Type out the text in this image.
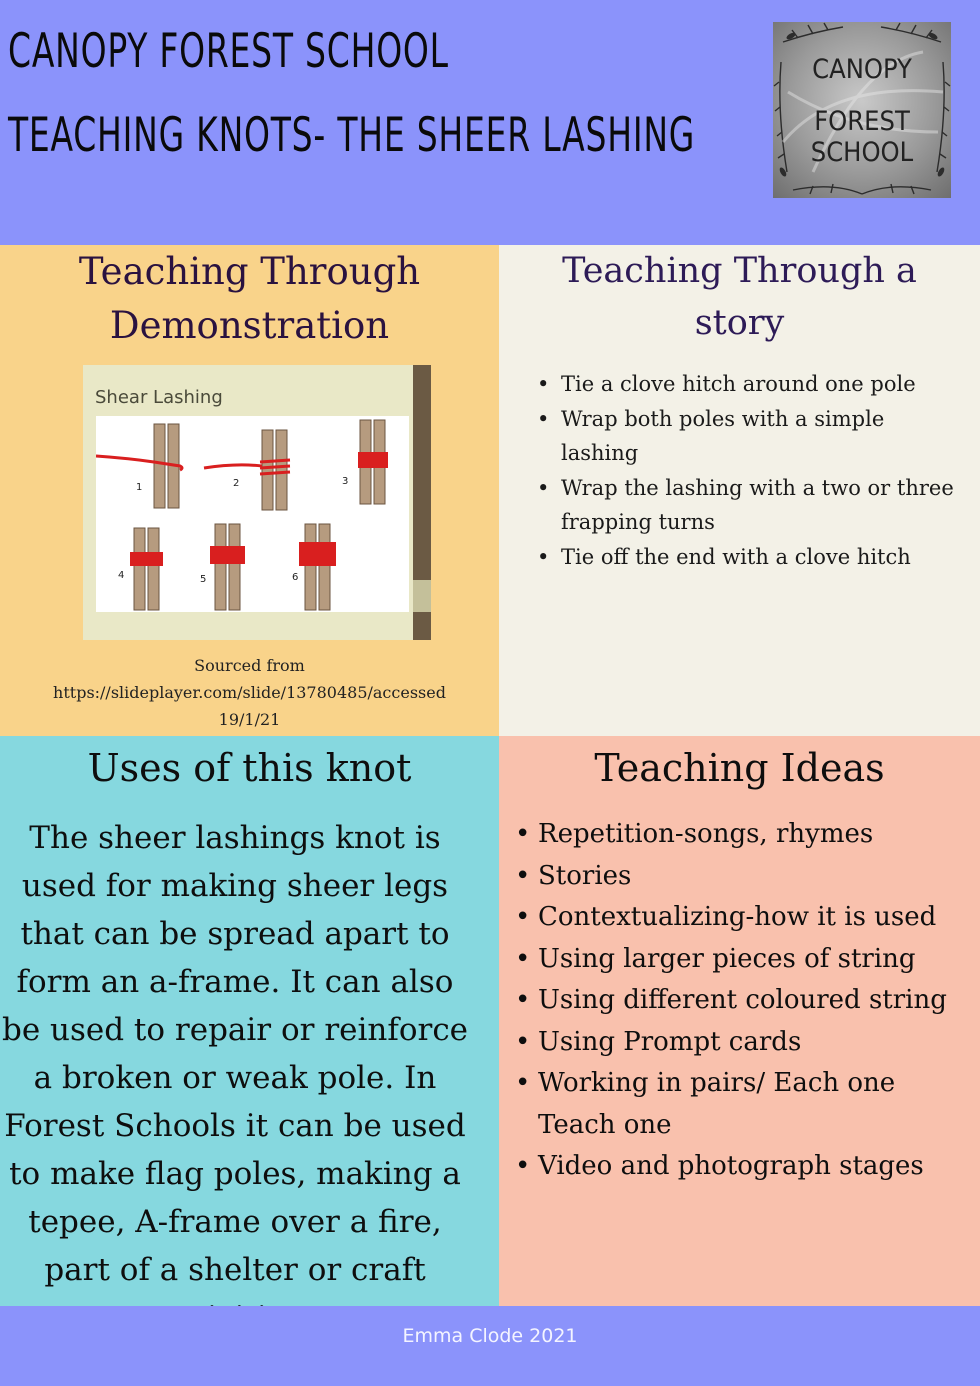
CANOPY FOREST SCHOOL
TEACHING KNOTS- THE SHEER LASHING
CANOPY
FOREST SCHOOL
Teaching Through
Demonstration
Shear Lashing
1	2	3
4	5	6
Sourced from
https://slideplayer.com/slide/13780485/accessed
19/1/21
Teaching Through a
story
• Tie a clove hitch around one pole
• Wrap both poles with a simple lashing
• Wrap the lashing with a two or three frapping turns
• Tie off the end with a clove hitch
Uses of this knot
The sheer lashings knot is used for making sheer legs that can be spread apart to form an a-frame. It can also be used to repair or reinforce a broken or weak pole. In Forest Schools it can be used to make flag poles, making a tepee, A-frame over a fire, part of a shelter or craft
Teaching Ideas
• Repetition-songs, rhymes
• Stories
• Contextualizing-how it is used
• Using larger pieces of string
• Using different coloured string
• Using Prompt cards
• Working in pairs/ Each one Teach one
• Video and photograph stages
Emma Clode 2021
